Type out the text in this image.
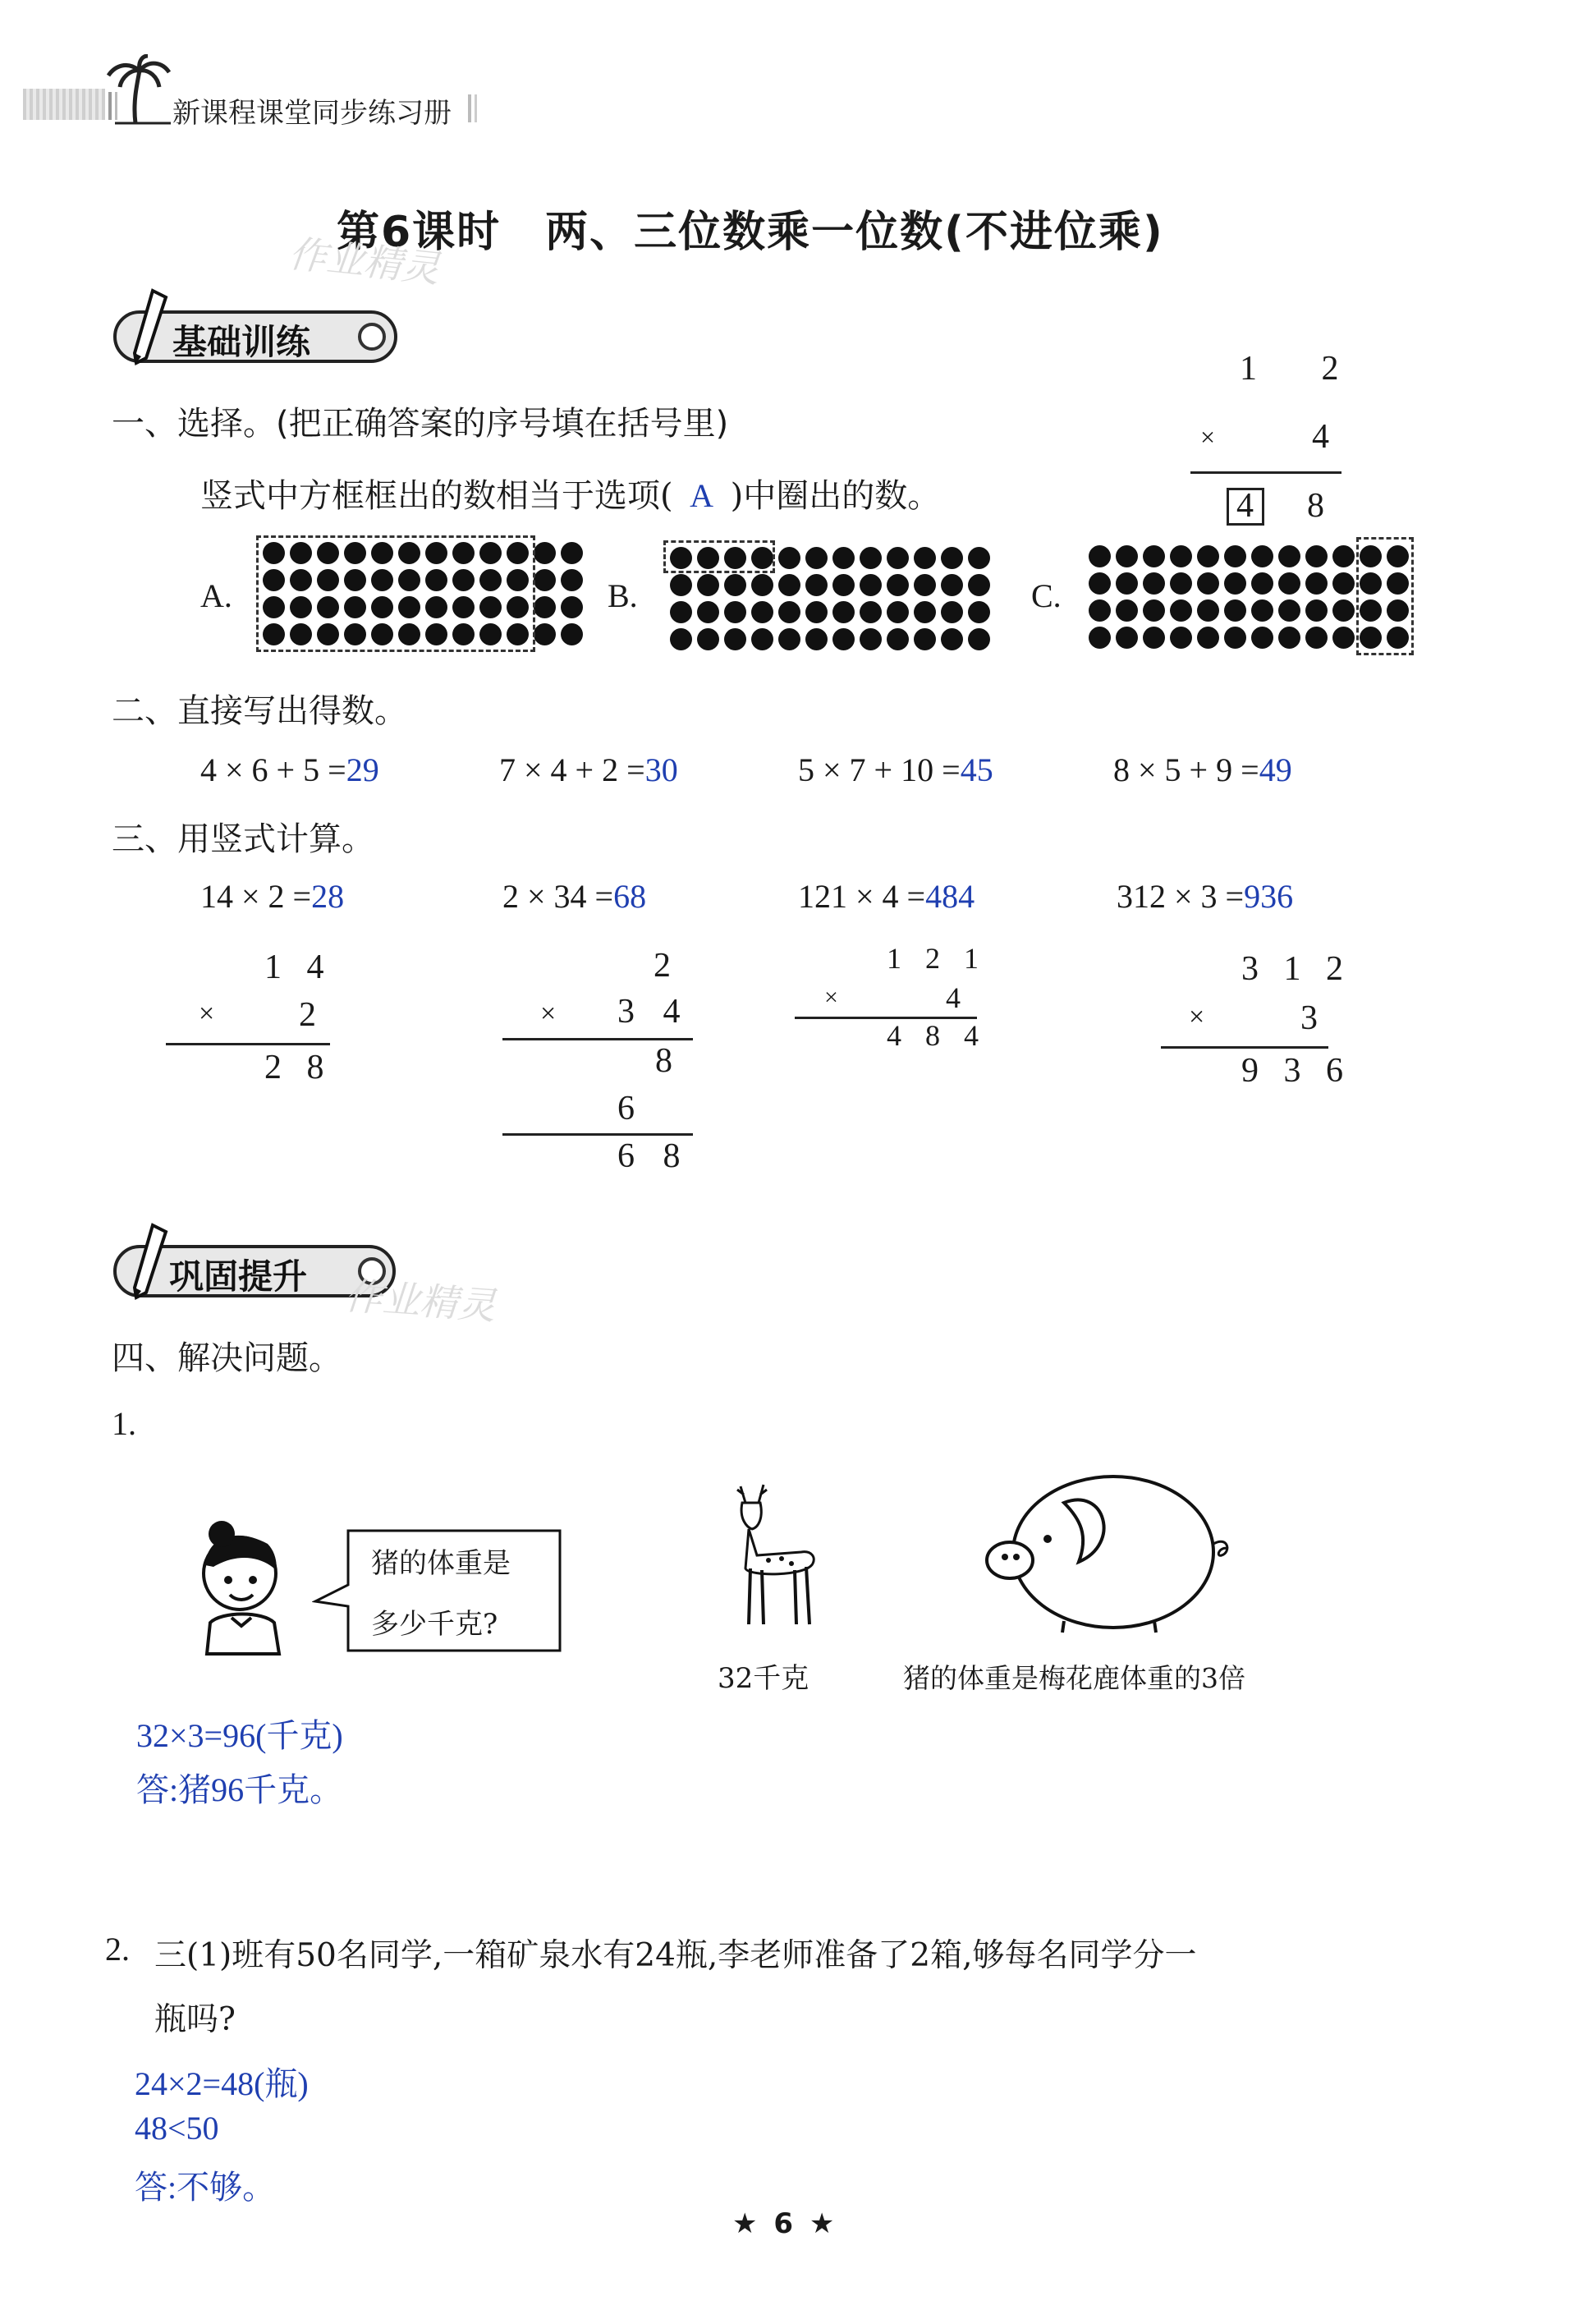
新课程课堂同步练习册
第6课时　两、三位数乘一位数(不进位乘)
作业精灵
基础训练
一、选择。(把正确答案的序号填在括号里)
竖式中方框框出的数相当于选项( A )中圈出的数。
1 2
×	4
4 8
A.	B.	C.
二、直接写出得数。
4 × 6 + 5 =29	7 × 4 + 2 =30	5 × 7 + 10 =45	8 × 5 + 9 =49
三、用竖式计算。
14 × 2 =28	2 × 34 =68	121 × 4 =484	312 × 3 =936
1 4
× 2
2 8
2
× 3 4
8
6
6 8
1 2 1
×	4
4 8 4
3 1 2
×	3
9 3 6
巩固提升 作业精灵
四、解决问题。
1.
猪的体重是
多少千克?
32千克	猪的体重是梅花鹿体重的3倍
32×3=96(千克)
答:猪96千克。
2. 三(1)班有50名同学,一箱矿泉水有24瓶,李老师准备了2箱,够每名同学分一
瓶吗?
24×2=48(瓶)
48<50
答:不够。
★ 6 ★
